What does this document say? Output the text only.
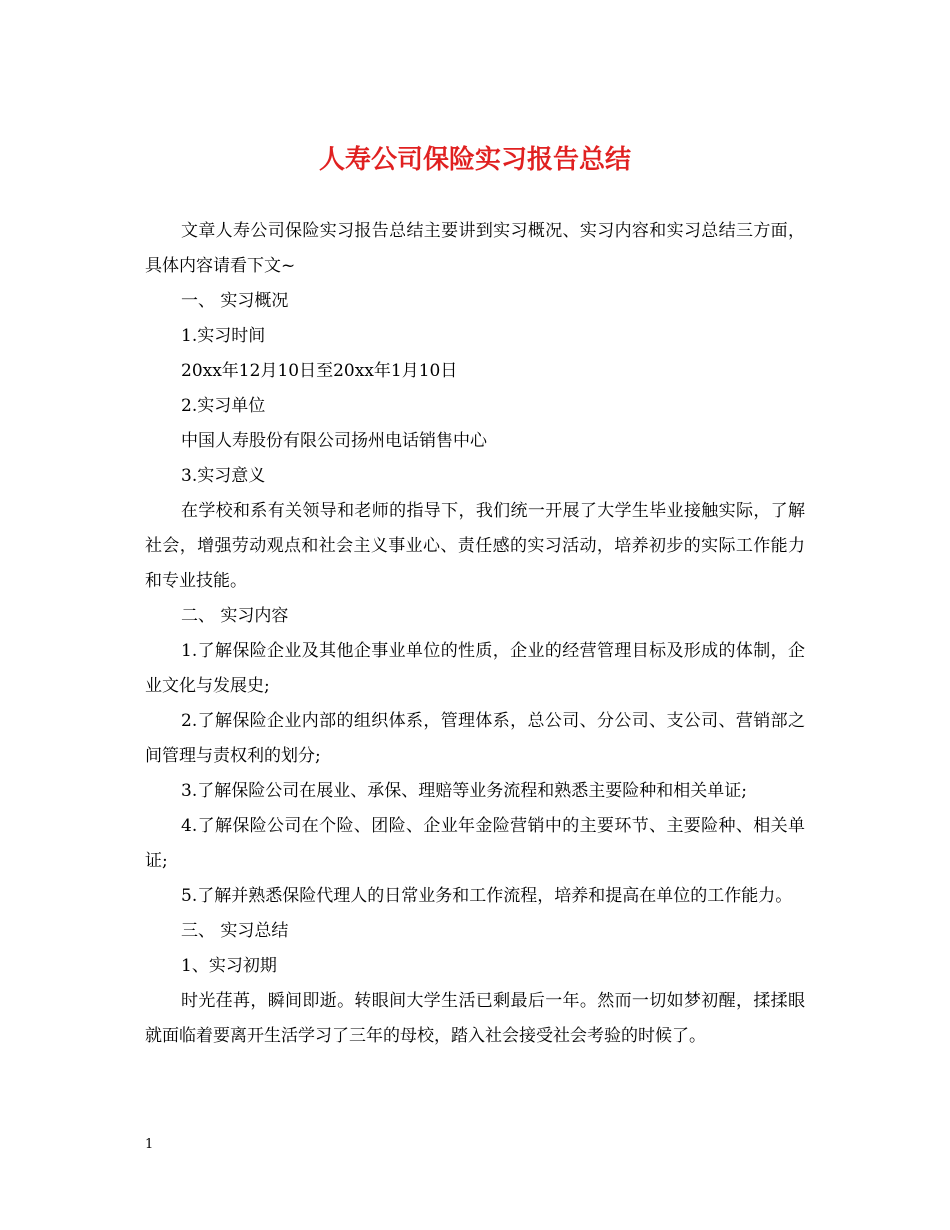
人寿公司保险实习报告总结

文章人寿公司保险实习报告总结主要讲到实习概况、实习内容和实习总结三方面，具体内容请看下文~

一、 实习概况

1.实习时间

20xx年12月10日至20xx年1月10日

2.实习单位

中国人寿股份有限公司扬州电话销售中心

3.实习意义

在学校和系有关领导和老师的指导下，我们统一开展了大学生毕业接触实际，了解社会，增强劳动观点和社会主义事业心、责任感的实习活动，培养初步的实际工作能力和专业技能。

二、 实习内容

1.了解保险企业及其他企事业单位的性质，企业的经营管理目标及形成的体制，企业文化与发展史;

2.了解保险企业内部的组织体系，管理体系，总公司、分公司、支公司、营销部之间管理与责权利的划分;

3.了解保险公司在展业、承保、理赔等业务流程和熟悉主要险种和相关单证;

4.了解保险公司在个险、团险、企业年金险营销中的主要环节、主要险种、相关单证;

5.了解并熟悉保险代理人的日常业务和工作流程，培养和提高在单位的工作能力。

三、 实习总结

1、实习初期

时光荏苒，瞬间即逝。转眼间大学生活已剩最后一年。然而一切如梦初醒，揉揉眼就面临着要离开生活学习了三年的母校，踏入社会接受社会考验的时候了。

1
